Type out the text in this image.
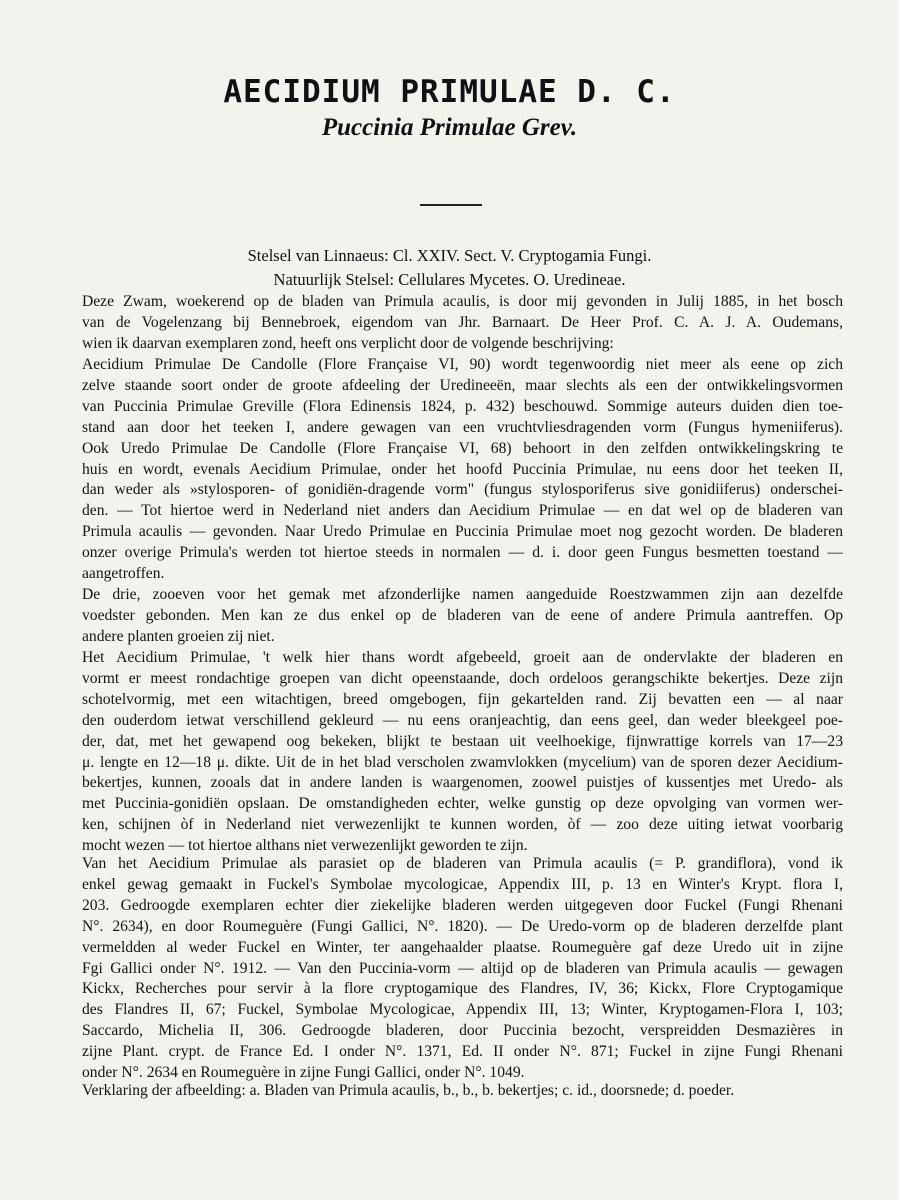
AECIDIUM PRIMULAE D. C.
Puccinia Primulae Grev.
Stelsel van Linnaeus: Cl. XXIV. Sect. V. Cryptogamia Fungi.
Natuurlijk Stelsel: Cellulares Mycetes. O. Uredineae.
Deze Zwam, woekerend op de bladen van Primula acaulis, is door mij gevonden in Julij 1885, in het bosch
van de Vogelenzang bij Bennebroek, eigendom van Jhr. Barnaart. De Heer Prof. C. A. J. A. Oudemans,
wien ik daarvan exemplaren zond, heeft ons verplicht door de volgende beschrijving:
Aecidium Primulae De Candolle (Flore Française VI, 90) wordt tegenwoordig niet meer als eene op zich
zelve staande soort onder de groote afdeeling der Uredineeën, maar slechts als een der ontwikkelingsvormen
van Puccinia Primulae Greville (Flora Edinensis 1824, p. 432) beschouwd. Sommige auteurs duiden dien toe-
stand aan door het teeken I, andere gewagen van een vruchtvliesdragenden vorm (Fungus hymeniiferus).
Ook Uredo Primulae De Candolle (Flore Française VI, 68) behoort in den zelfden ontwikkelingskring te
huis en wordt, evenals Aecidium Primulae, onder het hoofd Puccinia Primulae, nu eens door het teeken II,
dan weder als »stylosporen- of gonidiën-dragende vorm" (fungus stylosporiferus sive gonidiiferus) onderschei-
den. — Tot hiertoe werd in Nederland niet anders dan Aecidium Primulae — en dat wel op de bladeren van
Primula acaulis — gevonden. Naar Uredo Primulae en Puccinia Primulae moet nog gezocht worden. De bladeren
onzer overige Primula's werden tot hiertoe steeds in normalen — d. i. door geen Fungus besmetten toestand —
aangetroffen.
De drie, zooeven voor het gemak met afzonderlijke namen aangeduide Roestzwammen zijn aan dezelfde
voedster gebonden. Men kan ze dus enkel op de bladeren van de eene of andere Primula aantreffen. Op
andere planten groeien zij niet.
Het Aecidium Primulae, 't welk hier thans wordt afgebeeld, groeit aan de ondervlakte der bladeren en
vormt er meest rondachtige groepen van dicht opeenstaande, doch ordeloos gerangschikte bekertjes. Deze zijn
schotelvormig, met een witachtigen, breed omgebogen, fijn gekartelden rand. Zij bevatten een — al naar
den ouderdom ietwat verschillend gekleurd — nu eens oranjeachtig, dan eens geel, dan weder bleekgeel poe-
der, dat, met het gewapend oog bekeken, blijkt te bestaan uit veelhoekige, fijnwrattige korrels van 17—23
μ. lengte en 12—18 μ. dikte. Uit de in het blad verscholen zwamvlokken (mycelium) van de sporen dezer Aecidium-
bekertjes, kunnen, zooals dat in andere landen is waargenomen, zoowel puistjes of kussentjes met Uredo- als
met Puccinia-gonidiën opslaan. De omstandigheden echter, welke gunstig op deze opvolging van vormen wer-
ken, schijnen òf in Nederland niet verwezenlijkt te kunnen worden, òf — zoo deze uiting ietwat voorbarig
mocht wezen — tot hiertoe althans niet verwezenlijkt geworden te zijn.
Van het Aecidium Primulae als parasiet op de bladeren van Primula acaulis (= P. grandiflora), vond ik
enkel gewag gemaakt in Fuckel's Symbolae mycologicae, Appendix III, p. 13 en Winter's Krypt. flora I,
203. Gedroogde exemplaren echter dier ziekelijke bladeren werden uitgegeven door Fuckel (Fungi Rhenani
N°. 2634), en door Roumeguère (Fungi Gallici, N°. 1820). — De Uredo-vorm op de bladeren derzelfde plant
vermeldden al weder Fuckel en Winter, ter aangehaalder plaatse. Roumeguère gaf deze Uredo uit in zijne
Fgi Gallici onder N°. 1912. — Van den Puccinia-vorm — altijd op de bladeren van Primula acaulis — gewagen
Kickx, Recherches pour servir à la flore cryptogamique des Flandres, IV, 36; Kickx, Flore Cryptogamique
des Flandres II, 67; Fuckel, Symbolae Mycologicae, Appendix III, 13; Winter, Kryptogamen-Flora I, 103;
Saccardo, Michelia II, 306. Gedroogde bladeren, door Puccinia bezocht, verspreidden Desmazières in
zijne Plant. crypt. de France Ed. I onder N°. 1371, Ed. II onder N°. 871; Fuckel in zijne Fungi Rhenani
onder N°. 2634 en Roumeguère in zijne Fungi Gallici, onder N°. 1049.
Verklaring der afbeelding: a. Bladen van Primula acaulis, b., b., b. bekertjes; c. id., doorsnede; d. poeder.
